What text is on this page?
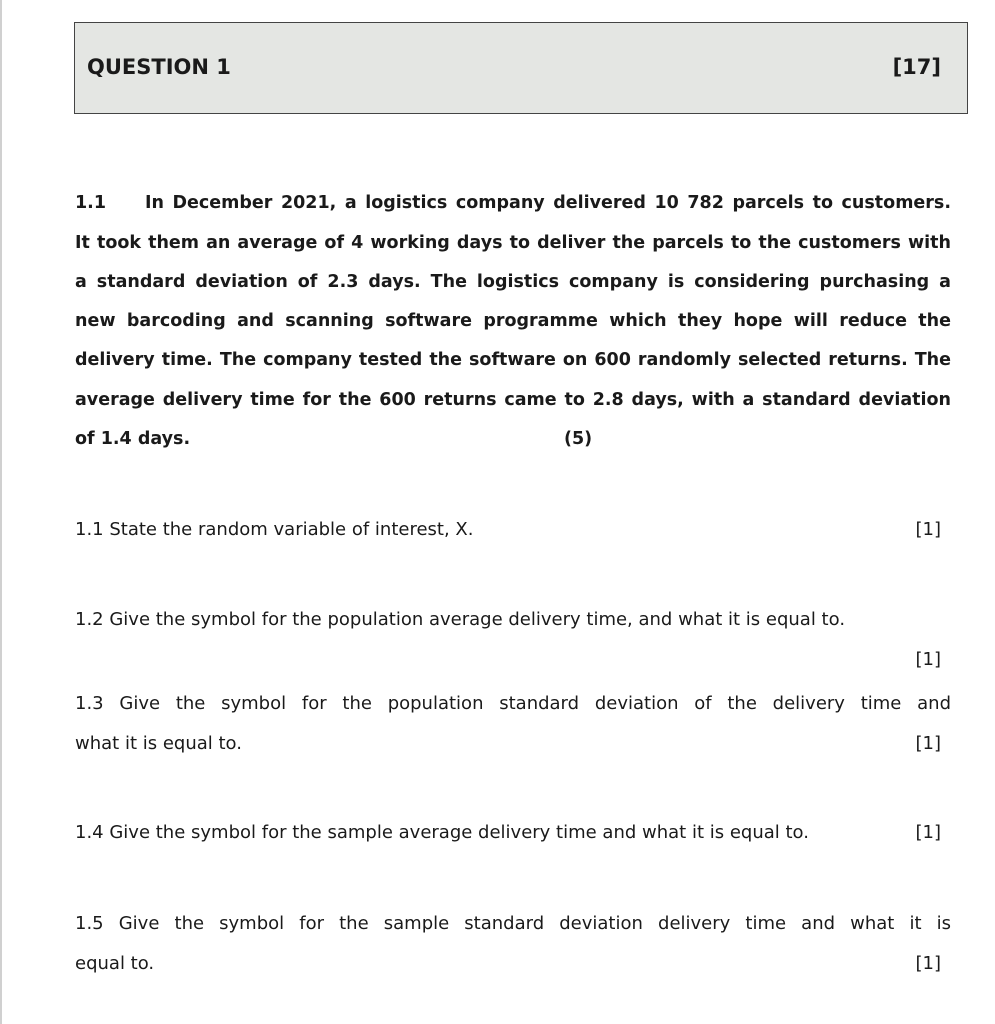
QUESTION 1	[17]
1.1 In December 2021, a logistics company delivered 10 782 parcels to customers.
It took them an average of 4 working days to deliver the parcels to the customers with
a standard deviation of 2.3 days. The logistics company is considering purchasing a
new barcoding and scanning software programme which they hope will reduce the
delivery time. The company tested the software on 600 randomly selected returns. The
average delivery time for the 600 returns came to 2.8 days, with a standard deviation
of 1.4 days.	(5)
1.1 State the random variable of interest, X.	[1]
1.2 Give the symbol for the population average delivery time, and what it is equal to.
[1]
1.3 Give the symbol for the population standard deviation of the delivery time and
what it is equal to.	[1]
1.4 Give the symbol for the sample average delivery time and what it is equal to.	[1]
1.5 Give the symbol for the sample standard deviation delivery time and what it is
equal to.	[1]
